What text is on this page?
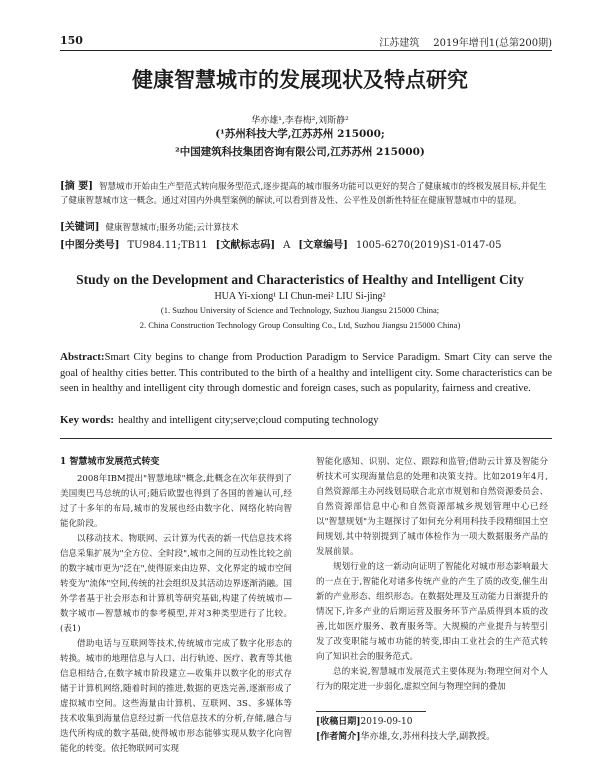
150	江苏建筑 2019年增刊1(总第200期)
健康智慧城市的发展现状及特点研究
华亦雄¹,李春梅²,刘斯静²
(¹苏州科技大学,江苏苏州 215000;
²中国建筑科技集团咨询有限公司,江苏苏州 215000)
[摘 要] 智慧城市开始由生产型范式转向服务型范式,逐步提高的城市服务功能可以更好的契合了健康城市的终极发展目标,并促生了健康智慧城市这一概念。通过对国内外典型案例的解读,可以看到普及性、公平性及创新性特征在健康智慧城市中的显现。
[关键词] 健康智慧城市;服务功能;云计算技术
[中图分类号] TU984.11;TB11 [文献标志码] A [文章编号] 1005-6270(2019)S1-0147-05
Study on the Development and Characteristics of Healthy and Intelligent City
HUA Yi-xiong¹ LI Chun-mei² LIU Si-jing²
(1. Suzhou University of Science and Technology, Suzhou Jiangsu 215000 China;
2. China Construction Technology Group Consulting Co., Ltd, Suzhou Jiangsu 215000 China)
Abstract:Smart City begins to change from Production Paradigm to Service Paradigm. Smart City can serve the goal of healthy cities better. This contributed to the birth of a healthy and intelligent city. Some characteristics can be seen in healthy and intelligent city through domestic and foreign cases, such as popularity, fairness and creative.
Key words: healthy and intelligent city;serve;cloud computing technology
1 智慧城市发展范式转变

2008年IBM提出"智慧地球"概念,此概念在次年获得到了美国奥巴马总统的认可;随后欧盟也得到了各国的普遍认可,经过了十多年的布局,城市的发展也经由数字化、网络化转向智能化阶段。

以移动技术、物联网、云计算为代表的新一代信息技术将信息采集扩展为"全方位、全时段",城市之间的互动性比较之前的数字城市更为"泛在",使得原来由边界、文化界定的城市空间转变为"流体"空间,传统的社会组织及其活动边界逐渐消融。国外学者基于社会形态和计算机等研究基础,构建了传统城市—数字城市—智慧城市的参考模型,并对3种类型进行了比较。(表1)

借助电话与互联网等技术,传统城市完成了数字化形态的转换。城市的地理信息与人口、出行轨迹、医疗、教育等其他信息相结合,在数字城市阶段建立—收集并以数字化的形式存储于计算机网络,随着时间的推进,数据的更迭完善,逐渐形成了虚拟城市空间。这些海量由计算机、互联网、3S、多媒体等技术收集到海量信息经过新一代信息技术的分析,存储,融合与迭代所构成的数字基础,使得城市形态能够实现从数字化向智能化的转变。依托物联网可实现

智能化感知、识别、定位、跟踪和监管;借助云计算及智能分析技术可实现海量信息的处理和决策支持。比如2019年4月,自然资源部主办河线划局联合北京市规划和自然资源委员会、自然资源部信息中心和自然资源部城乡规划管理中心已经以"智慧规划"为主题探讨了如何充分利用科技手段精细国土空间规划,其中特别提到了城市体检作为一项大数据服务产品的发展前景。

规划行业的这一新动向证明了智能化对城市形态影响最大的一点在于,智能化对诸多传统产业的产生了质的改变,催生出新的产业形态、组织形态。在数据处理及互动能力日渐提升的情况下,许多产业的后期运营及服务环节产品质得到本质的改善,比如医疗服务、教育服务等。大规模的产业提升与转型引发了改变职能与城市功能的转变,即由工业社会的生产范式转向了知识社会的服务范式。

总的来说,智慧城市发展范式主要体现为:物理空间对个人行为的限定进一步弱化,虚拟空间与物理空间的叠加

[收稿日期]2019-09-10
[作者简介]华亦雄,女,苏州科技大学,副教授。
